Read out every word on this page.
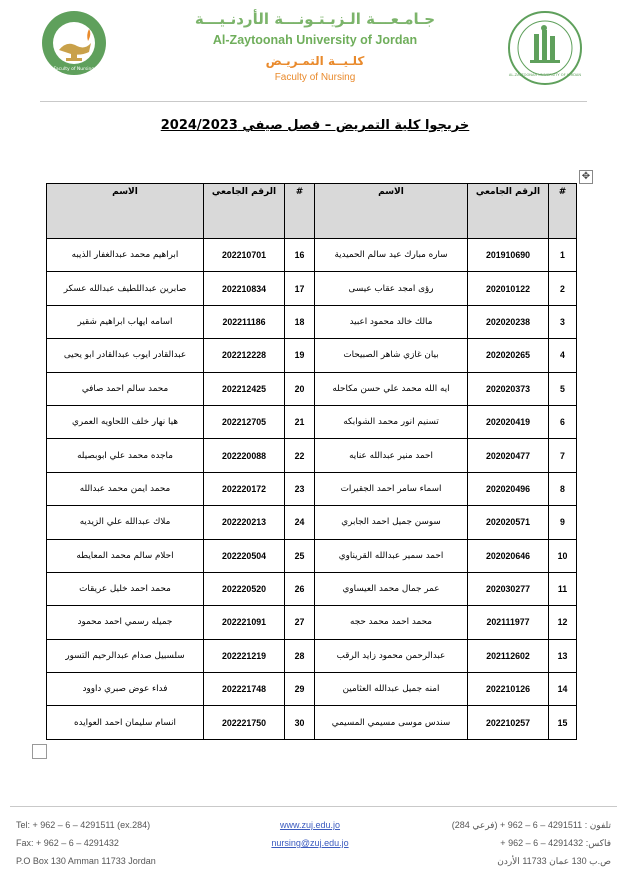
Faculty of Nursing
جـامـعـــة الـزيـتـونـــة الأردنـيـــة
Al-Zaytoonah University of Jordan
كلـيــة التمـريـض
Faculty of Nursing	AL-ZAYTOONAH UNIVERSITY OF JORDAN
خريجوا كلية التمريض – فصل صيفي 2024/2023
✥
#	الرقم الجامعي	الاسم	#	الرقم الجامعي	الاسم
1	201910690	ساره مبارك عيد سالم الحميدية	16	202210701	ابراهيم محمد عبدالغفار الذيبه
2	202010122	رؤى امجد عقاب عيسى	17	202210834	صابرين عبداللطيف عبدالله عسكر
3	202020238	مالك خالد محمود اعبيد	18	202211186	اسامه ايهاب ابراهيم شقير
4	202020265	بيان غازي شاهر الصبيحات	19	202212228	عبدالقادر ايوب عبدالقادر ابو يحيى
5	202020373	ايه الله محمد علي حسن مكاحله	20	202212425	محمد سالم احمد صافي
6	202020419	تسنيم انور محمد الشوابكه	21	202212705	هيا نهار خلف اللحاويه العمري
7	202020477	احمد منير عبدالله عنايه	22	202220088	ماجده محمد علي ابوبصيله
8	202020496	اسماء سامر احمد الجقيرات	23	202220172	محمد ايمن محمد عبدالله
9	202020571	سوسن جميل احمد الجابري	24	202220213	ملاك عبدالله علي الزيديه
10	202020646	احمد سمير عبدالله القريناوي	25	202220504	احلام سالم محمد المعايطه
11	202030277	عمر جمال محمد العيساوي	26	202220520	محمد احمد خليل عريقات
12	202111977	محمد احمد محمد حجه	27	202221091	جميله رسمي احمد محمود
13	202112602	عبدالرحمن محمود زايد الرقب	28	202221219	سلسبيل صدام عبدالرحيم التسور
14	202210126	امنه جميل عبدالله العثامين	29	202221748	فداء عوض صبري داوود
15	202210257	سندس موسى مسيمي المسيمي	30	202221750	انسام سليمان احمد العوايده
Tel: + 962 – 6 – 4291511 (ex.284)
Fax: + 962 – 6 – 4291432
P.O Box 130 Amman 11733 Jordan
www.zuj.edu.jo
nursing@zuj.edu.jo
تلفون : 4291511 – 6 – 962 + (فرعي 284)
فاكس: 4291432 – 6 – 962 +
ص.ب 130 عمان 11733 الأردن
